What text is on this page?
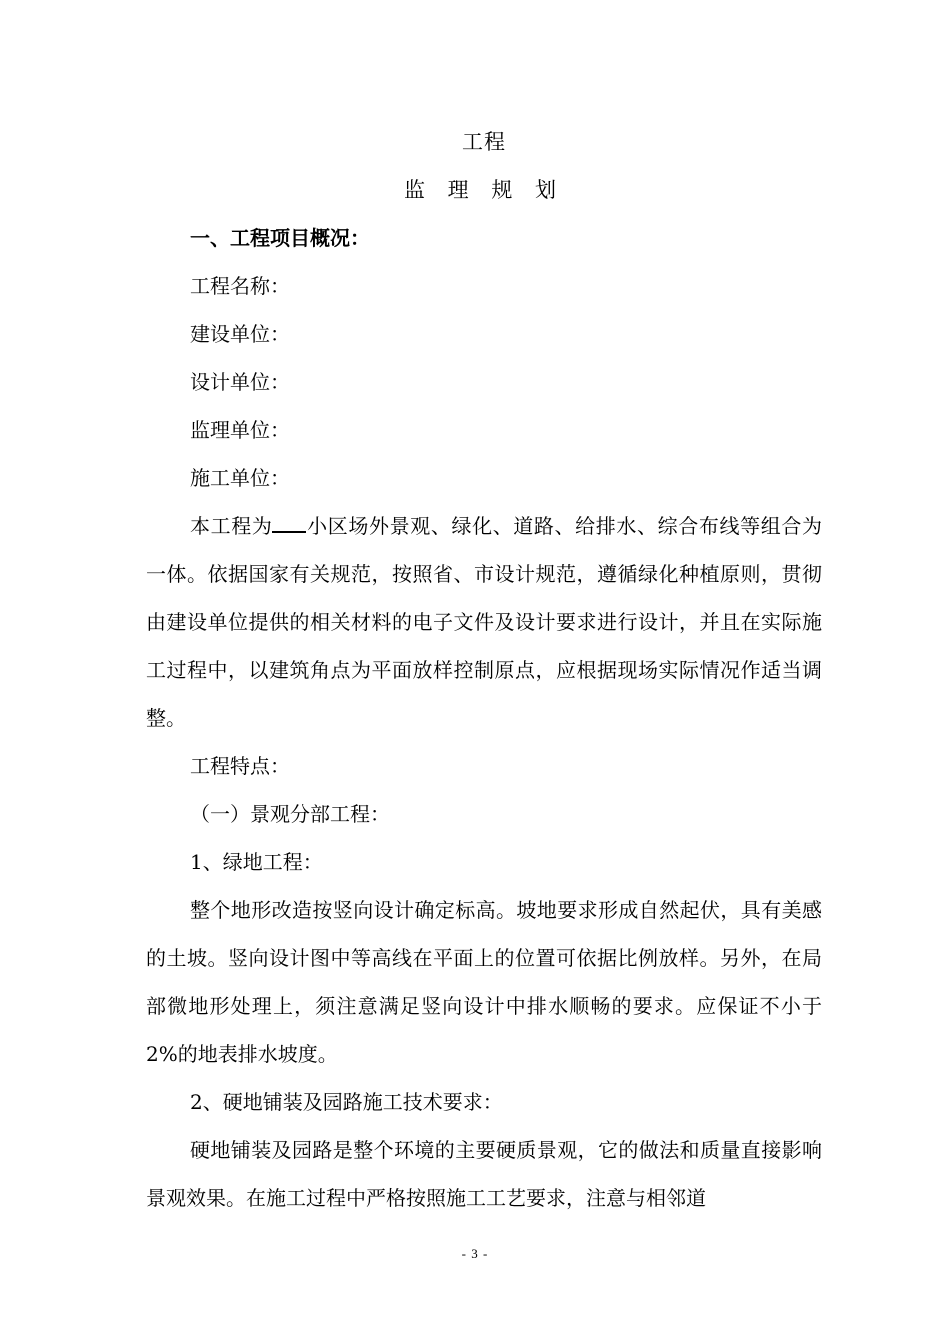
工程
监 理 规 划
一、工程项目概况：
工程名称：
建设单位：
设计单位：
监理单位：
施工单位：
本工程为 小区场外景观、绿化、道路、给排水、综合布线等组合为一体。依据国家有关规范，按照省、市设计规范，遵循绿化种植原则，贯彻由建设单位提供的相关材料的电子文件及设计要求进行设计，并且在实际施工过程中，以建筑角点为平面放样控制原点，应根据现场实际情况作适当调整。
工程特点：
（一）景观分部工程：
1、绿地工程：
整个地形改造按竖向设计确定标高。坡地要求形成自然起伏，具有美感的土坡。竖向设计图中等高线在平面上的位置可依据比例放样。另外，在局部微地形处理上，须注意满足竖向设计中排水顺畅的要求。应保证不小于 2%的地表排水坡度。
2、硬地铺装及园路施工技术要求：
硬地铺装及园路是整个环境的主要硬质景观，它的做法和质量直接影响景观效果。在施工过程中严格按照施工工艺要求，注意与相邻道
- 3 -
